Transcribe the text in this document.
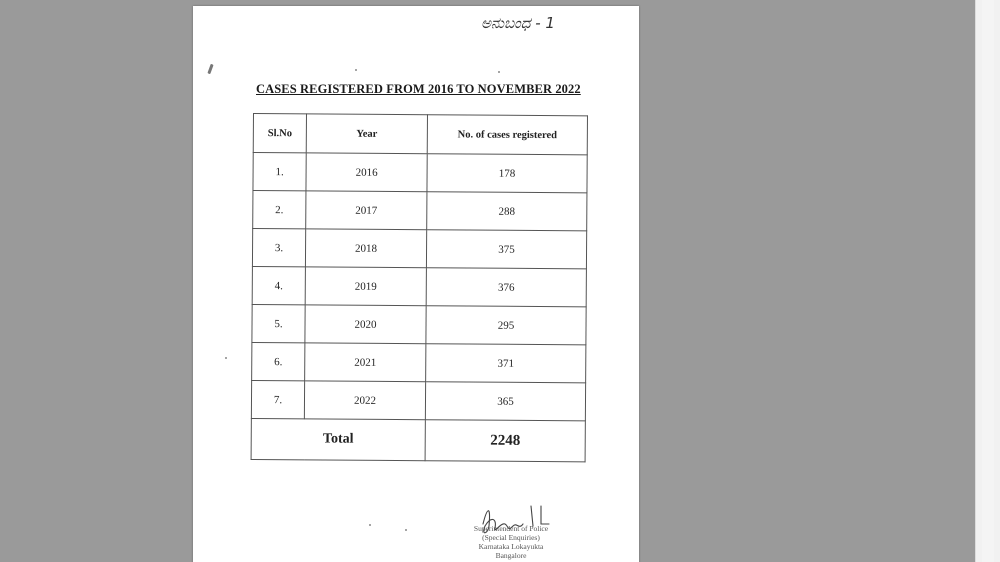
ಅನುಬಂಧ - 1
CASES REGISTERED FROM 2016 TO NOVEMBER 2022
Sl.No	Year	No. of cases registered
1.	2016	178
2.	2017	288
3.	2018	375
4.	2019	376
5.	2020	295
6.	2021	371
7.	2022	365
Total		2248
Superintendent of Police
(Special Enquiries)
Karnataka Lokayukta
Bangalore
